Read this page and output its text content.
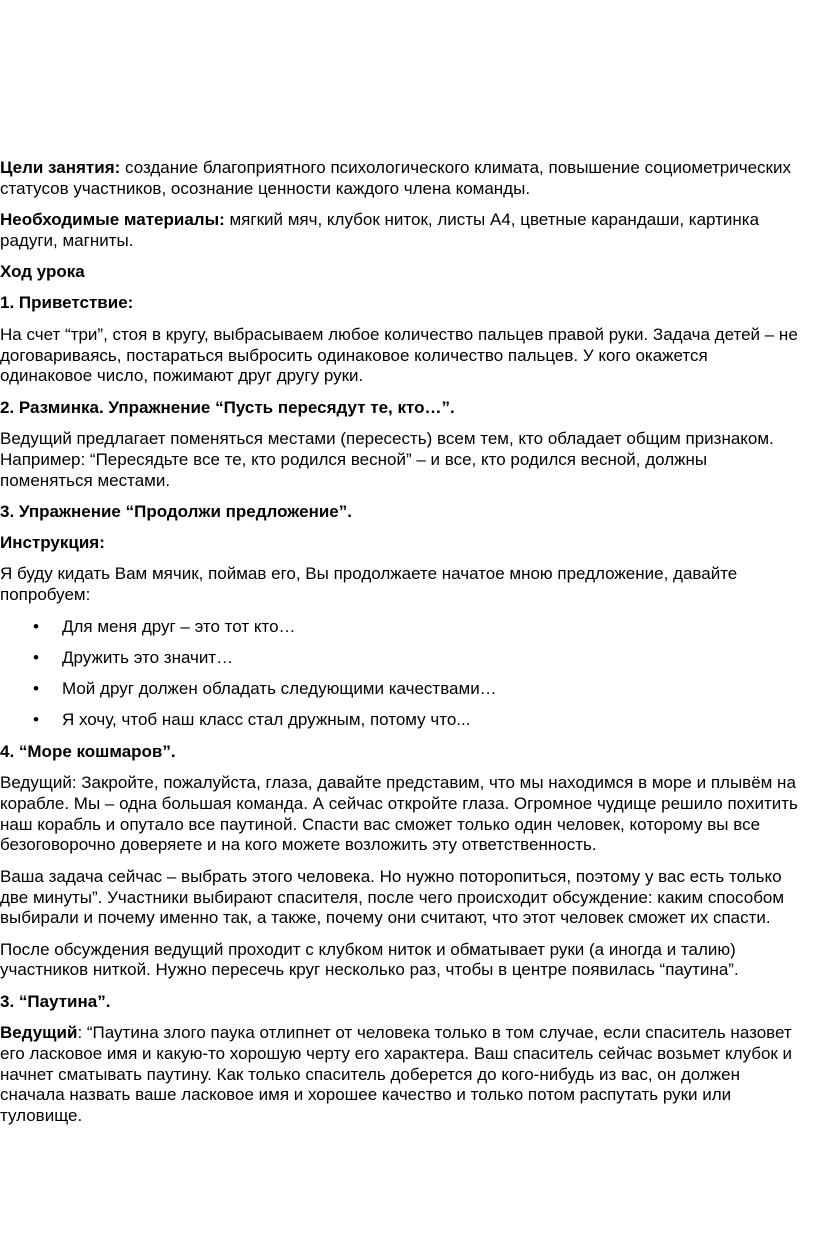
Цели занятия: создание благоприятного психологического климата, повышение социометрических статусов участников, осознание ценности каждого члена команды.

Необходимые материалы: мягкий мяч, клубок ниток, листы А4, цветные карандаши, картинка радуги, магниты.

Ход урока

1. Приветствие:

На счет “три”, стоя в кругу, выбрасываем любое количество пальцев правой руки. Задача детей – не договариваясь, постараться выбросить одинаковое количество пальцев. У кого окажется одинаковое число, пожимают друг другу руки.

2. Разминка. Упражнение “Пусть пересядут те, кто…”.

Ведущий предлагает поменяться местами (пересесть) всем тем, кто обладает общим признаком. Например: “Пересядьте все те, кто родился весной” – и все, кто родился весной, должны поменяться местами.

3. Упражнение “Продолжи предложение”.

Инструкция:

Я буду кидать Вам мячик, поймав его, Вы продолжаете начатое мною предложение, давайте попробуем:

• Для меня друг – это тот кто…
• Дружить это значит…
• Мой друг должен обладать следующими качествами…
• Я хочу, чтоб наш класс стал дружным, потому что...

4. “Море кошмаров”.

Ведущий: Закройте, пожалуйста, глаза, давайте представим, что мы находимся в море и плывём на корабле. Мы – одна большая команда. А сейчас откройте глаза. Огромное чудище решило похитить наш корабль и опутало все паутиной. Спасти вас сможет только один человек, которому вы все безоговорочно доверяете и на кого можете возложить эту ответственность.

Ваша задача сейчас – выбрать этого человека. Но нужно поторопиться, поэтому у вас есть только две минуты”. Участники выбирают спасителя, после чего происходит обсуждение: каким способом выбирали и почему именно так, а также, почему они считают, что этот человек сможет их спасти.

После обсуждения ведущий проходит с клубком ниток и обматывает руки (а иногда и талию) участников ниткой. Нужно пересечь круг несколько раз, чтобы в центре появилась “паутина”.

3. “Паутина”.

Ведущий: “Паутина злого паука отлипнет от человека только в том случае, если спаситель назовет его ласковое имя и какую-то хорошую черту его характера. Ваш спаситель сейчас возьмет клубок и начнет сматывать паутину. Как только спаситель доберется до кого-нибудь из вас, он должен сначала назвать ваше ласковое имя и хорошее качество и только потом распутать руки или туловище.
